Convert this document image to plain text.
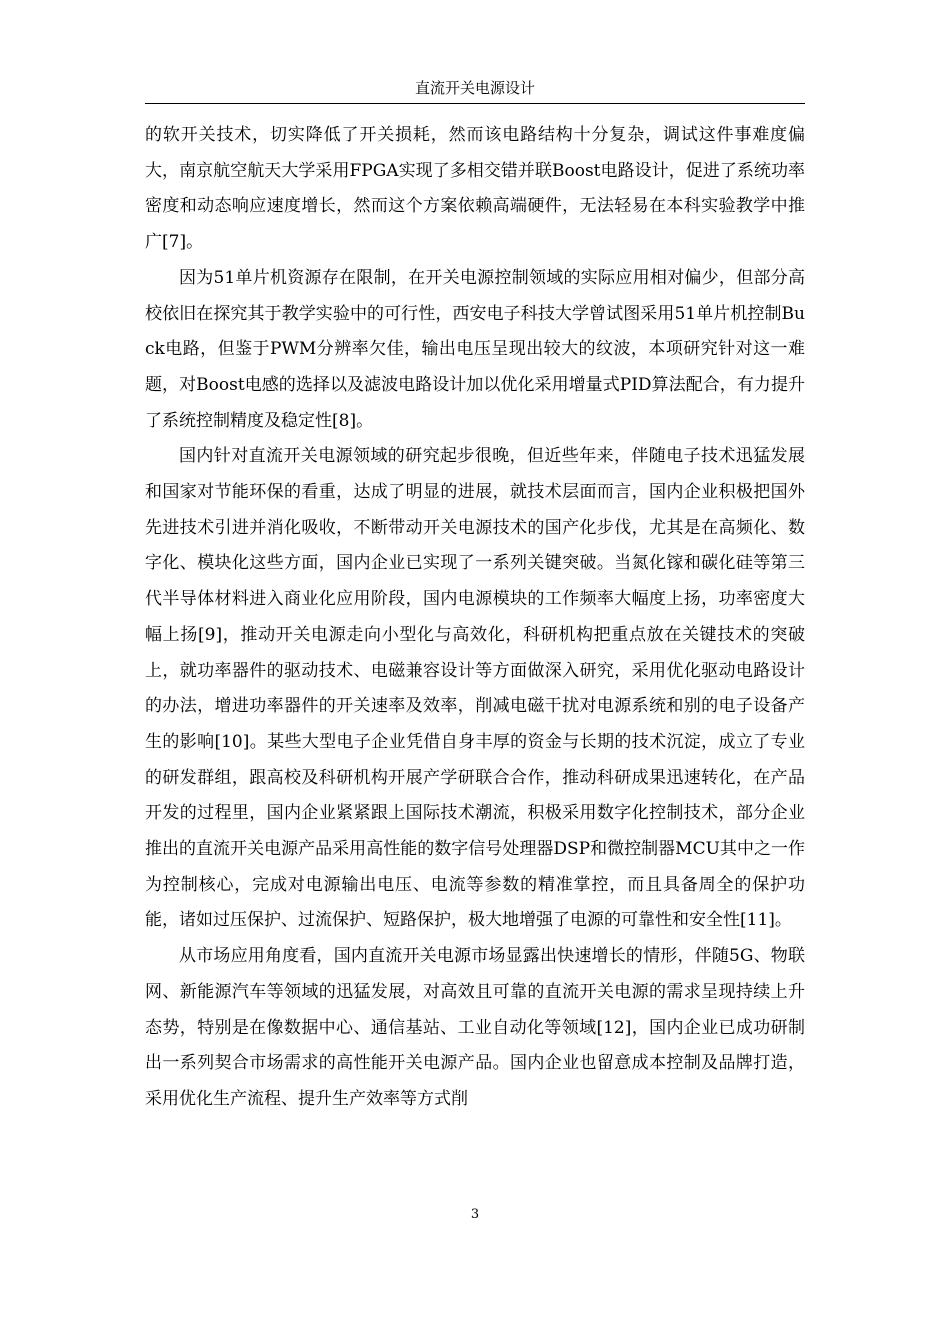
直流开关电源设计

的软开关技术，切实降低了开关损耗，然而该电路结构十分复杂，调试这件事难度偏大，南京航空航天大学采用FPGA实现了多相交错并联Boost电路设计，促进了系统功率密度和动态响应速度增长，然而这个方案依赖高端硬件，无法轻易在本科实验教学中推广[7]。

因为51单片机资源存在限制，在开关电源控制领域的实际应用相对偏少，但部分高校依旧在探究其于教学实验中的可行性，西安电子科技大学曾试图采用51单片机控制Buck电路，但鉴于PWM分辨率欠佳，输出电压呈现出较大的纹波，本项研究针对这一难题，对Boost电感的选择以及滤波电路设计加以优化采用增量式PID算法配合，有力提升了系统控制精度及稳定性[8]。

国内针对直流开关电源领域的研究起步很晚，但近些年来，伴随电子技术迅猛发展和国家对节能环保的看重，达成了明显的进展，就技术层面而言，国内企业积极把国外先进技术引进并消化吸收，不断带动开关电源技术的国产化步伐，尤其是在高频化、数字化、模块化这些方面，国内企业已实现了一系列关键突破。当氮化镓和碳化硅等第三代半导体材料进入商业化应用阶段，国内电源模块的工作频率大幅度上扬，功率密度大幅上扬[9]，推动开关电源走向小型化与高效化，科研机构把重点放在关键技术的突破上，就功率器件的驱动技术、电磁兼容设计等方面做深入研究，采用优化驱动电路设计的办法，增进功率器件的开关速率及效率，削减电磁干扰对电源系统和别的电子设备产生的影响[10]。某些大型电子企业凭借自身丰厚的资金与长期的技术沉淀，成立了专业的研发群组，跟高校及科研机构开展产学研联合合作，推动科研成果迅速转化，在产品开发的过程里，国内企业紧紧跟上国际技术潮流，积极采用数字化控制技术，部分企业推出的直流开关电源产品采用高性能的数字信号处理器DSP和微控制器MCU其中之一作为控制核心，完成对电源输出电压、电流等参数的精准掌控，而且具备周全的保护功能，诸如过压保护、过流保护、短路保护，极大地增强了电源的可靠性和安全性[11]。

从市场应用角度看，国内直流开关电源市场显露出快速增长的情形，伴随5G、物联网、新能源汽车等领域的迅猛发展，对高效且可靠的直流开关电源的需求呈现持续上升态势，特别是在像数据中心、通信基站、工业自动化等领域[12]，国内企业已成功研制出一系列契合市场需求的高性能开关电源产品。国内企业也留意成本控制及品牌打造，采用优化生产流程、提升生产效率等方式削

3
